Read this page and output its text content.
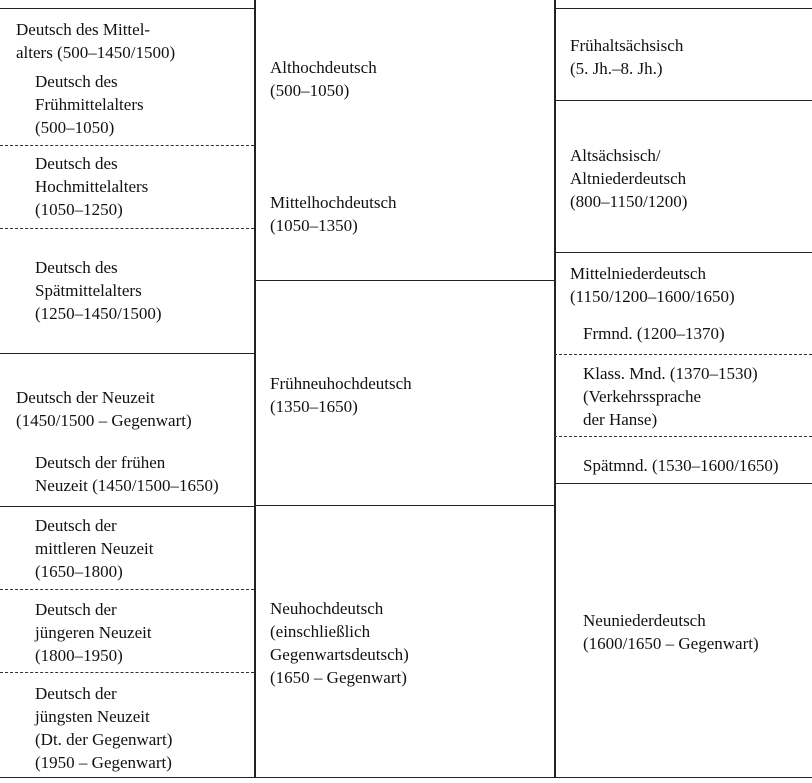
Deutsch des Mittel-
alters (500–1450/1500)

Deutsch des
Frühmittelalters
(500–1050)

Deutsch des
Hochmittelalters
(1050–1250)

Deutsch des
Spätmittelalters
(1250–1450/1500)

Deutsch der Neuzeit
(1450/1500 – Gegenwart)

Deutsch der frühen
Neuzeit (1450/1500–1650)

Deutsch der
mittleren Neuzeit
(1650–1800)

Deutsch der
jüngeren Neuzeit
(1800–1950)

Deutsch der
jüngsten Neuzeit
(Dt. der Gegenwart)
(1950 – Gegenwart)

Althochdeutsch
(500–1050)

Mittelhochdeutsch
(1050–1350)

Frühneuhochdeutsch
(1350–1650)

Neuhochdeutsch
(einschließlich
Gegenwartsdeutsch)
(1650 – Gegenwart)

Frühaltsächsisch
(5. Jh.–8. Jh.)

Altsächsisch/
Altniederdeutsch
(800–1150/1200)

Mittelniederdeutsch
(1150/1200–1600/1650)

Frmnd. (1200–1370)

Klass. Mnd. (1370–1530)
(Verkehrssprache
der Hanse)

Spätmnd. (1530–1600/1650)

Neuniederdeutsch
(1600/1650 – Gegenwart)
